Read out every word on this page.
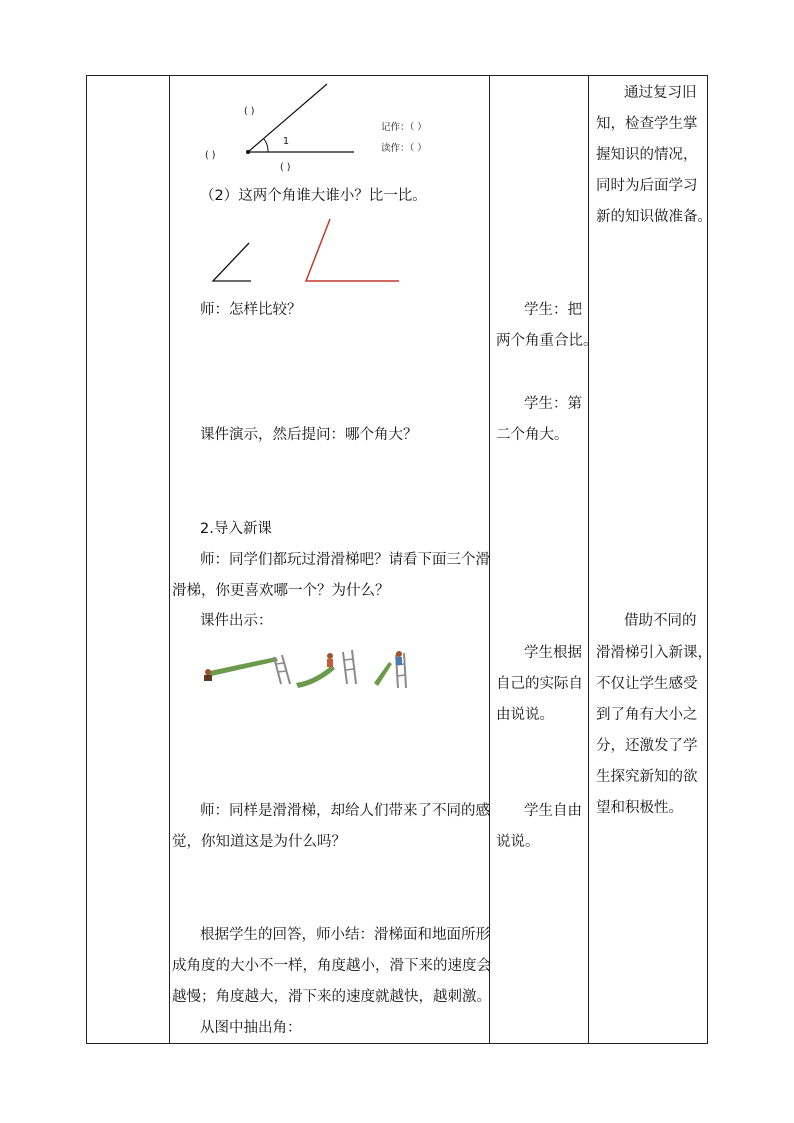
( )
( )
( )
1
记作：（ ）
读作：（ ）
（2）这两个角谁大谁小？比一比。
师：怎样比较？
课件演示，然后提问：哪个角大？
2.导入新课
师：同学们都玩过滑滑梯吧？请看下面三个滑
滑梯，你更喜欢哪一个？为什么？
课件出示：
师：同样是滑滑梯，却给人们带来了不同的感
觉，你知道这是为什么吗？
根据学生的回答，师小结：滑梯面和地面所形
成角度的大小不一样，角度越小，滑下来的速度会
越慢；角度越大，滑下来的速度就越快，越刺激。
从图中抽出角：
学生：把
两个角重合比。
学生：第
二个角大。
学生根据
自己的实际自
由说说。
学生自由
说说。
通过复习旧
知，检查学生掌
握知识的情况，
同时为后面学习
新的知识做准备。
借助不同的
滑滑梯引入新课，
不仅让学生感受
到了角有大小之
分，还激发了学
生探究新知的欲
望和积极性。
